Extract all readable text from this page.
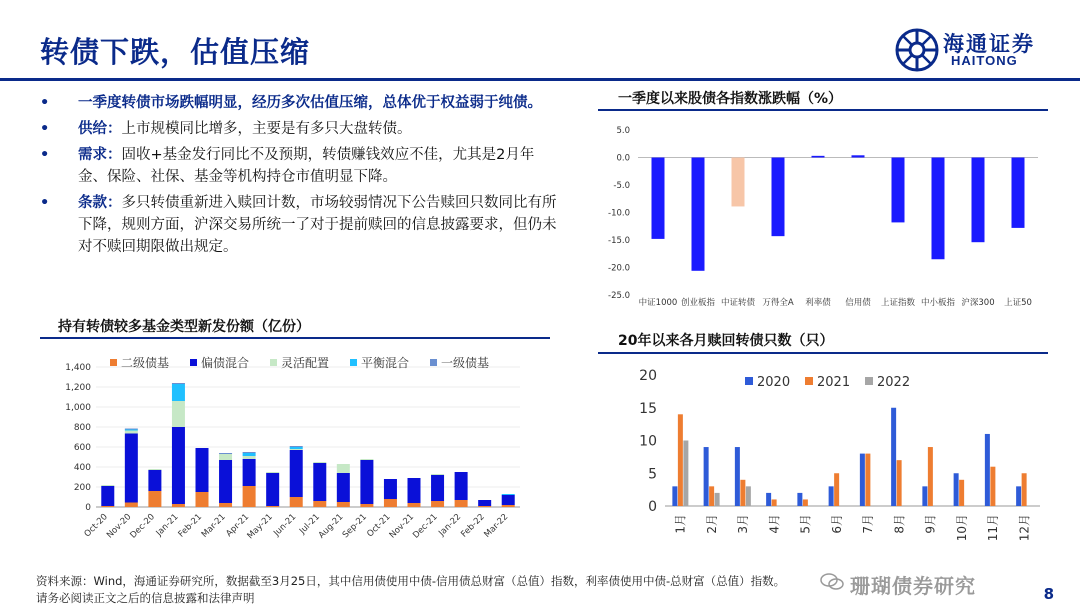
转债下跌，估值压缩	海通证券
HAITONG
• 一季度转债市场跌幅明显，经历多次估值压缩，总体优于权益弱于纯债。
• 供给：上市规模同比增多，主要是有多只大盘转债。
• 需求：固收+基金发行同比不及预期，转债赚钱效应不佳，尤其是2月年金、保险、社保、基金等机构持仓市值明显下降。
• 条款：多只转债重新进入赎回计数，市场较弱情况下公告赎回只数同比有所下降，规则方面，沪深交易所统一了对于提前赎回的信息披露要求，但仍未对不赎回期限做出规定。
一季度以来股债各指数涨跌幅（%）
5.0
0.0
-5.0
-10.0
-15.0
-20.0
-25.0
中证1000 创业板指 中证转债 万得全A 利率债 信用债 上证指数 中小板指 沪深300 上证50
持有转债较多基金类型新发份额（亿份）
0
200
400
600
800
1,000
1,200
1,400	二级债基	偏债混合	灵活配置	平衡混合	一级债基
Oct-20
Nov-20
Dec-20
Jan-21
Feb-21
Mar-21
Apr-21
May-21
Jun-21 Jul-21
Aug-21
Sep-21
Oct-21
Nov-21
Dec-21
Jan-22
Feb-22
Mar-22
20年以来各月赎回转债只数（只）
0
5
10
15
20	2020 2021 2022
1月 2月 3月 4月 5月 6月 7月 8月 9月 10月 11月 12月
珊瑚债券研究
资料来源：Wind，海通证券研究所，数据截至3月25日，其中信用债使用中债-信用债总财富（总值）指数，利率债使用中债-总财富（总值）指数。
请务必阅读正文之后的信息披露和法律声明	8
